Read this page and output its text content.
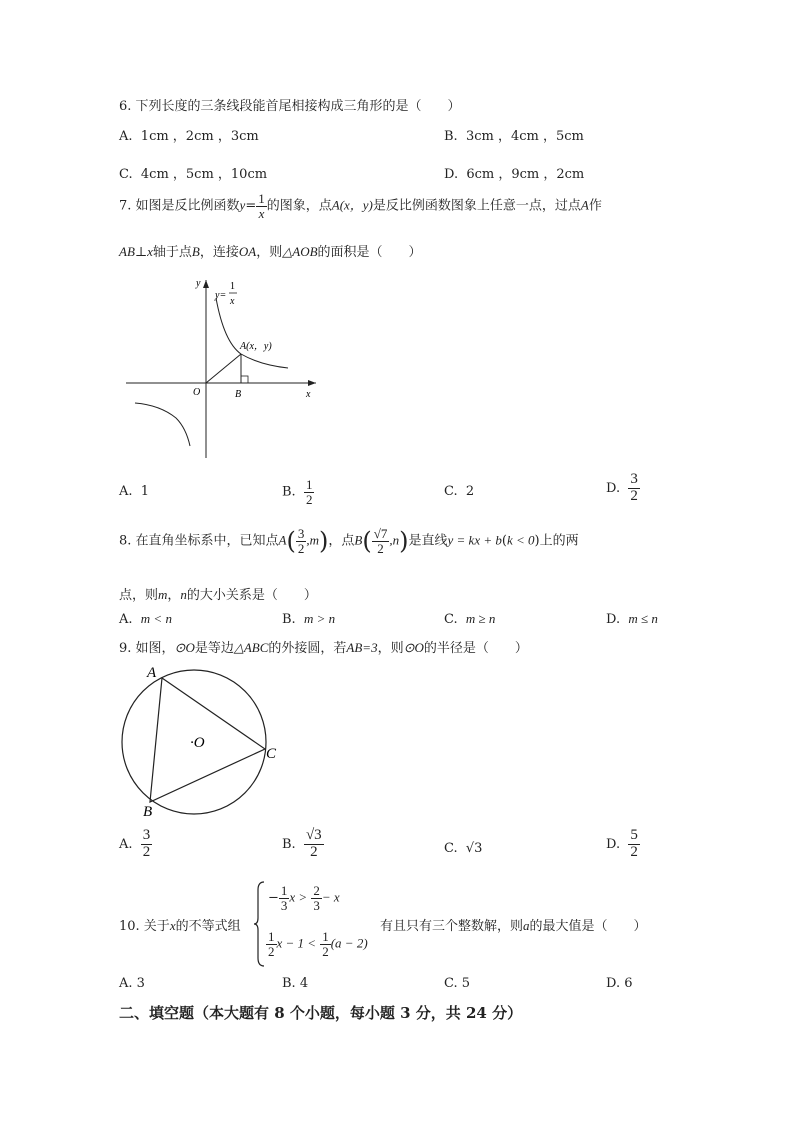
6. 下列长度的三条线段能首尾相接构成三角形的是（　　）
A. 1cm ，2cm ，3cm	B. 3cm ，4cm ，5cm
C. 4cm ，5cm ，10cm	D. 6cm ，9cm ，2cm
7. 如图是反比例函数$y= \frac{1}{x}$ 的图象，点A(x，y)是反比例函数图象上任意一点，过点A作
AB⊥x轴于点B，连接OA，则△AOB的面积是（　　）
y
x
O	B
A(x，y)
y=
1
x
A. 1	B. $\frac{1}{2}$	C. 2	D. $\frac{3}{2}$
8. 在直角坐标系中，已知点$A( \frac{3}{2} ,m)$，点$B( \frac{√7}{2} ,n)$是直线y = kx + b(k < 0)上的两
点，则m，n的大小关系是（　　）
A. m < n	B. m > n	C. m ≥ n	D. m ≤ n
9. 如图，⊙O是等边△ABC的外接圆，若AB=3，则⊙O的半径是（　　）
A
B
C
·O
A. $\frac{3}{2}$	B. $\frac{√3}{2}$	C. √3	D. $\frac{5}{2}$
10. 关于x的不等式组
− $\frac{1}{3}$ $x > \frac{2}{3} - x$
$\frac{1}{2}$ $x - 1 < \frac{1}{2} (a - 2)$
有且只有三个整数解，则a的最大值是（　　）
A. 3	B. 4	C. 5	D. 6
二、填空题（本大题有 8 个小题，每小题 3 分，共 24 分）
